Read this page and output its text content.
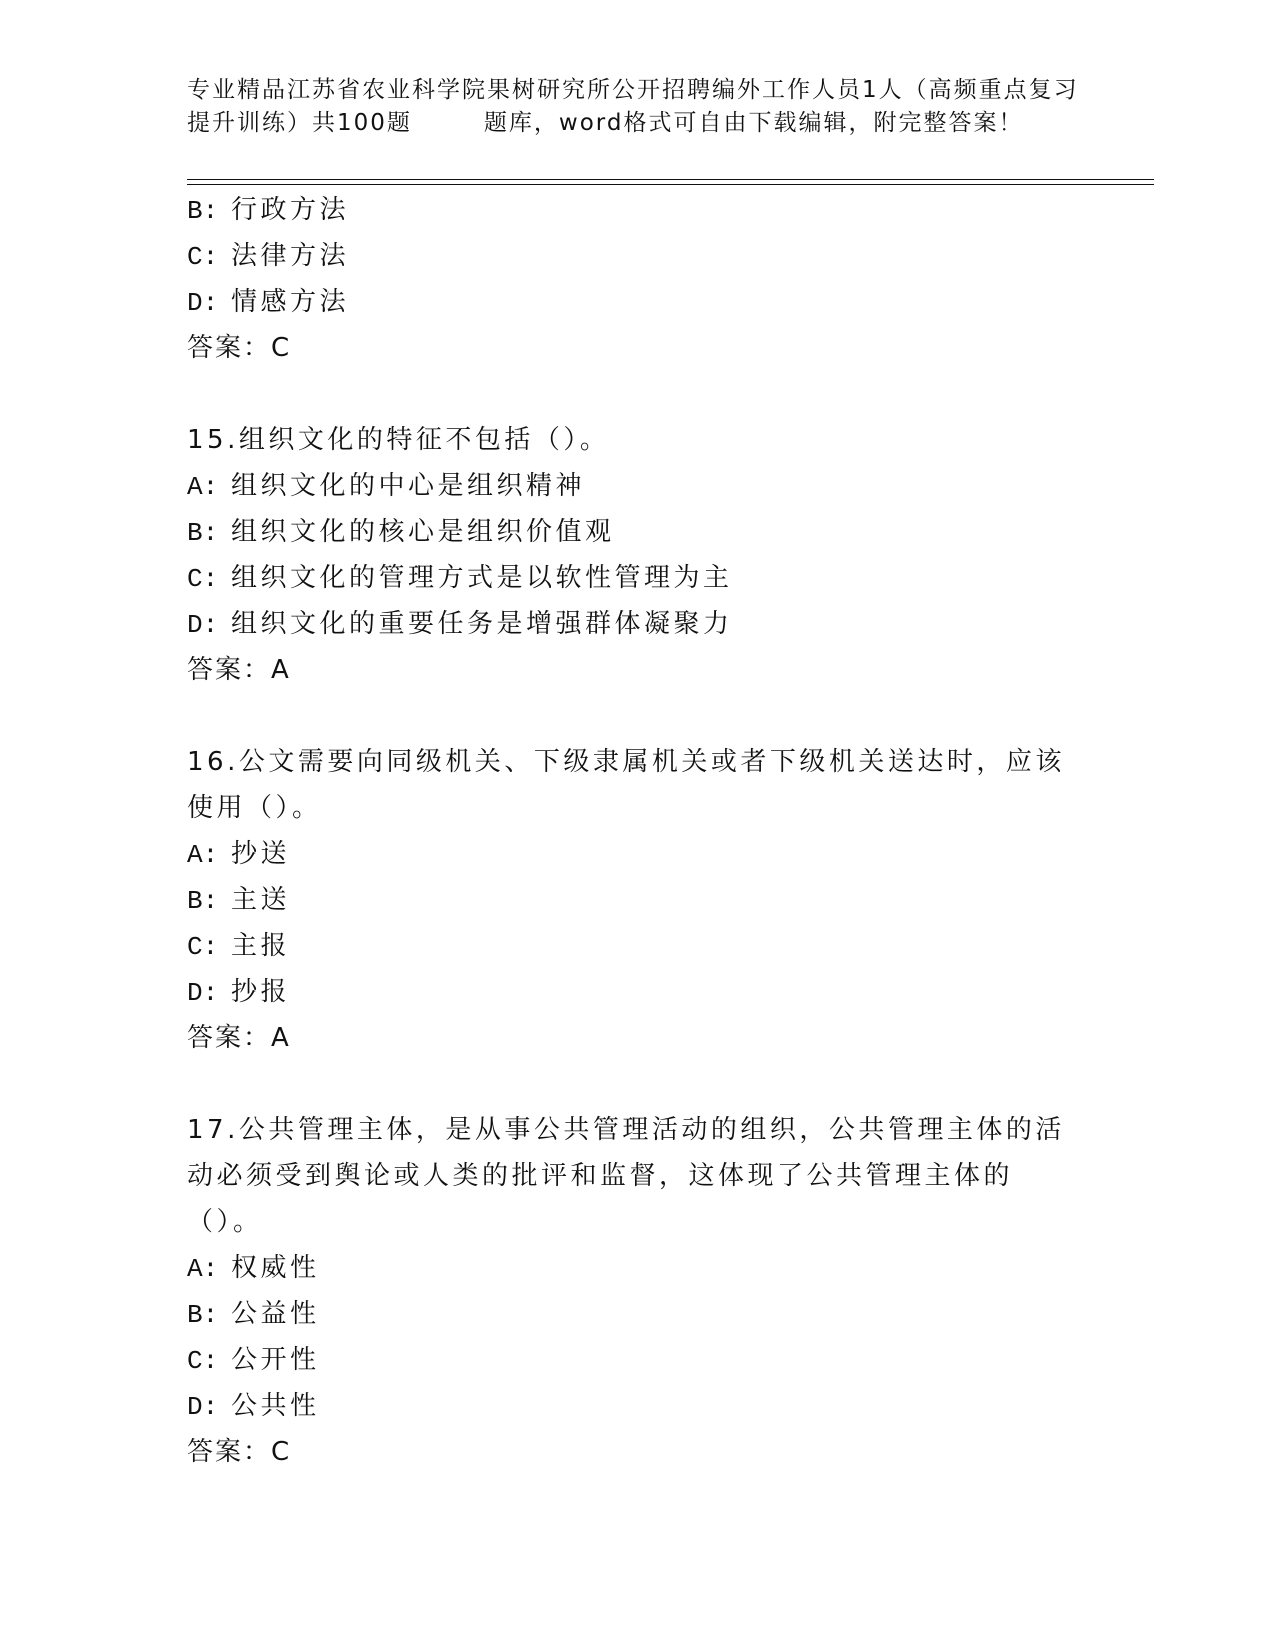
专业精品江苏省农业科学院果树研究所公开招聘编外工作人员1人（高频重点复习
提升训练）共100题	题库，word格式可自由下载编辑，附完整答案！
B: 行政方法
C: 法律方法
D: 情感方法
答案：C
15.组织文化的特征不包括（）。
A: 组织文化的中心是组织精神
B: 组织文化的核心是组织价值观
C: 组织文化的管理方式是以软性管理为主
D: 组织文化的重要任务是增强群体凝聚力
答案：A
16.公文需要向同级机关、下级隶属机关或者下级机关送达时，应该使用（）。
A: 抄送
B: 主送
C: 主报
D: 抄报
答案：A
17.公共管理主体，是从事公共管理活动的组织，公共管理主体的活动必须受到舆论或人类的批评和监督，这体现了公共管理主体的（）。
A: 权威性
B: 公益性
C: 公开性
D: 公共性
答案：C
